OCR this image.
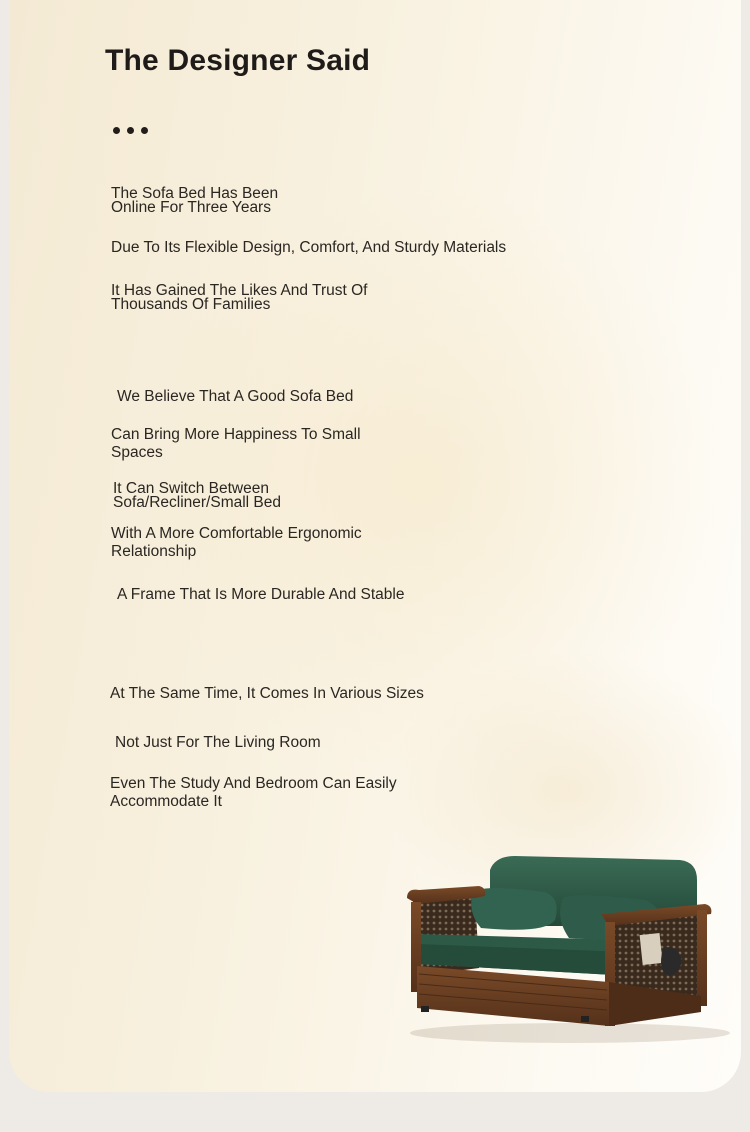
The Designer Said

The Sofa Bed Has Been
Online For Three Years

Due To Its Flexible Design, Comfort, And Sturdy Materials

It Has Gained The Likes And Trust Of
Thousands Of Families

We Believe That A Good Sofa Bed

Can Bring More Happiness To Small
Spaces

It Can Switch Between
Sofa/Recliner/Small Bed

With A More Comfortable Ergonomic
Relationship

A Frame That Is More Durable And Stable

At The Same Time, It Comes In Various Sizes

Not Just For The Living Room

Even The Study And Bedroom Can Easily
Accommodate It
